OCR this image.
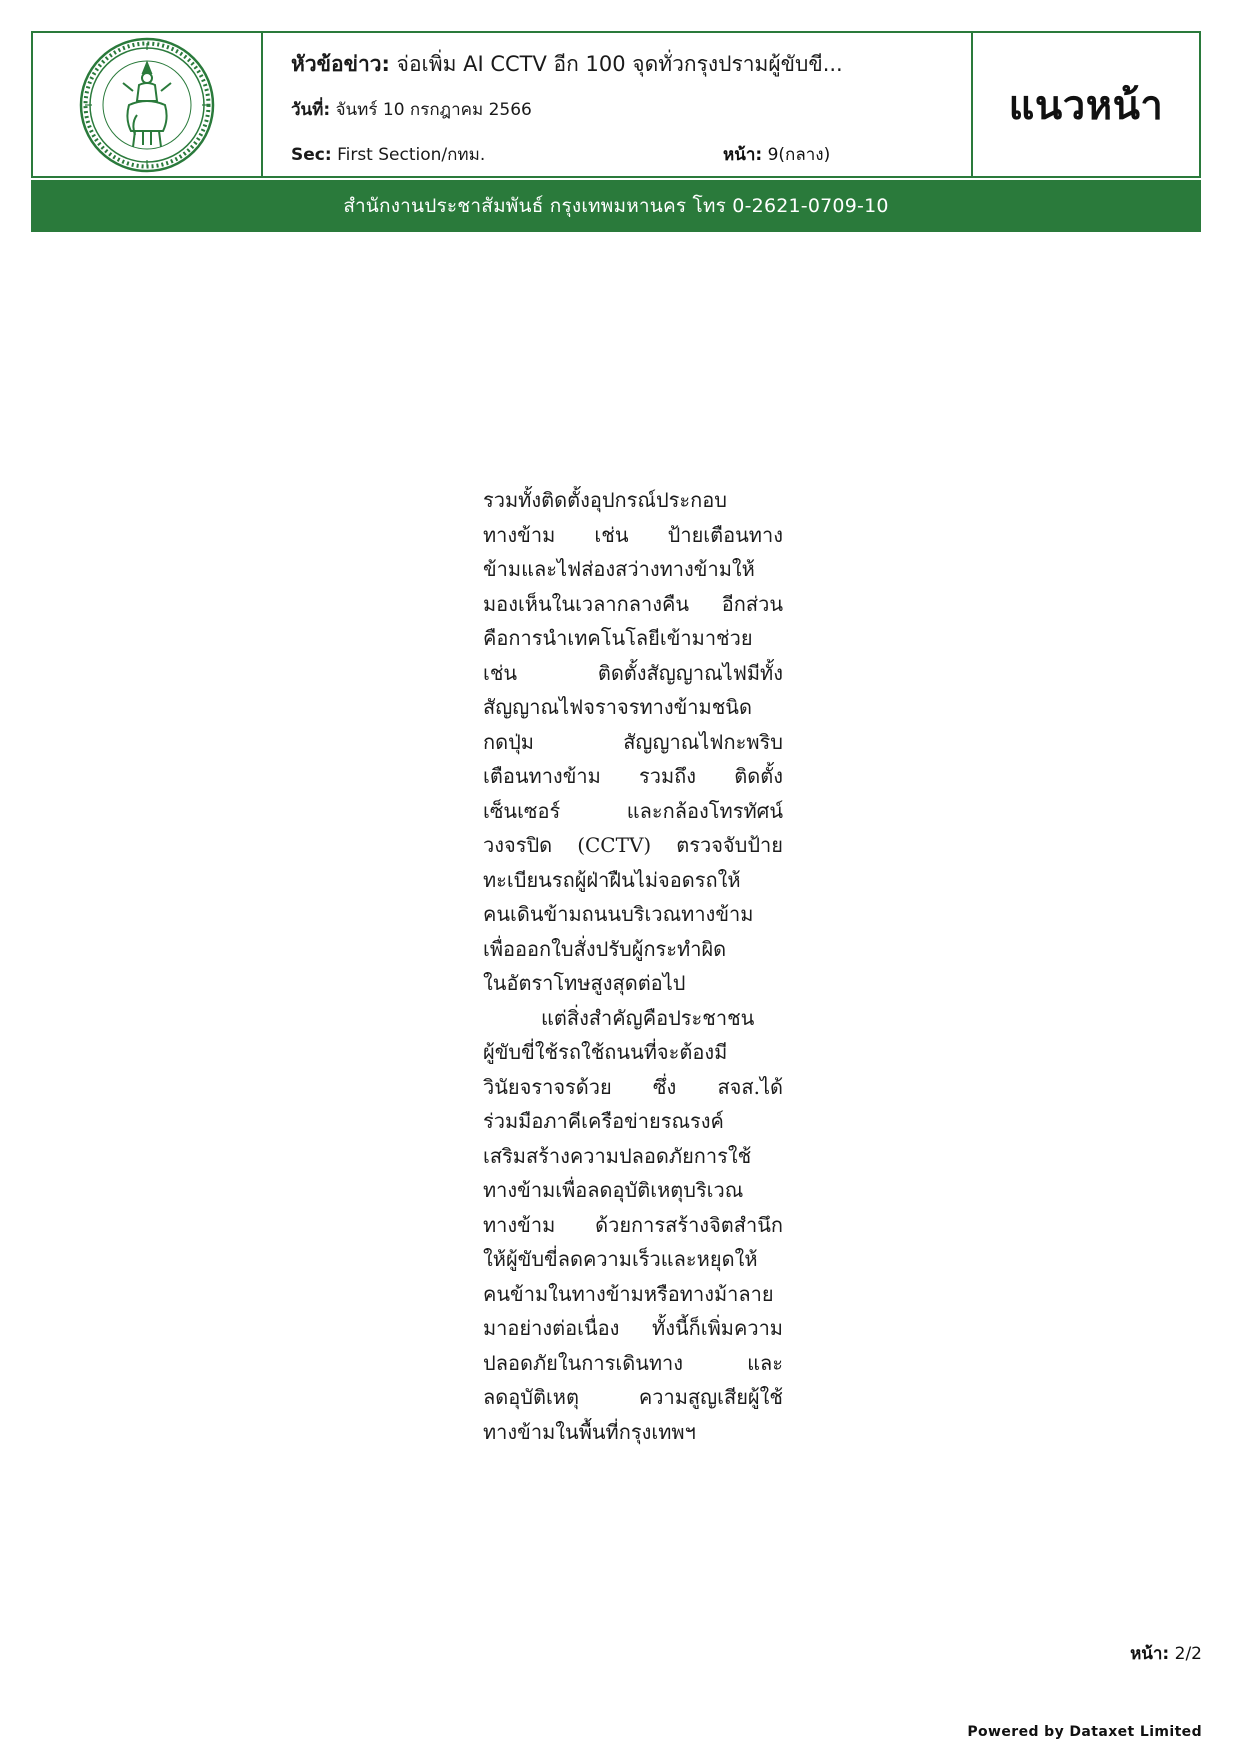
หัวข้อข่าว: จ่อเพิ่ม AI CCTV อีก 100 จุดทั่วกรุงปรามผู้ขับขี...
วันที่: จันทร์ 10 กรกฎาคม 2566
Sec: First Section/กทม.	หน้า: 9(กลาง)
แนวหน้า
สำนักงานประชาสัมพันธ์ กรุงเทพมหานคร โทร 0-2621-0709-10
รวมทั้งติดตั้งอุปกรณ์ประกอบ
ทางข้าม เช่น ป้ายเตือนทาง
ข้ามและไฟส่องสว่างทางข้ามให้
มองเห็นในเวลากลางคืน อีกส่วน
คือการนำเทคโนโลยีเข้ามาช่วย
เช่น ติดตั้งสัญญาณไฟมีทั้ง
สัญญาณไฟจราจรทางข้ามชนิด
กดปุ่ม สัญญาณไฟกะพริบ
เตือนทางข้าม รวมถึง ติดตั้ง
เซ็นเซอร์ และกล้องโทรทัศน์
วงจรปิด (CCTV) ตรวจจับป้าย
ทะเบียนรถผู้ฝ่าฝืนไม่จอดรถให้
คนเดินข้ามถนนบริเวณทางข้าม
เพื่อออกใบสั่งปรับผู้กระทำผิด
ในอัตราโทษสูงสุดต่อไป
แต่สิ่งสำคัญคือประชาชน
ผู้ขับขี่ใช้รถใช้ถนนที่จะต้องมี
วินัยจราจรด้วย ซึ่ง สจส.ได้
ร่วมมือภาคีเครือข่ายรณรงค์
เสริมสร้างความปลอดภัยการใช้
ทางข้ามเพื่อลดอุบัติเหตุบริเวณ
ทางข้าม ด้วยการสร้างจิตสำนึก
ให้ผู้ขับขี่ลดความเร็วและหยุดให้
คนข้ามในทางข้ามหรือทางม้าลาย
มาอย่างต่อเนื่อง ทั้งนี้ก็เพิ่มความ
ปลอดภัยในการเดินทาง และ
ลดอุบัติเหตุ ความสูญเสียผู้ใช้
ทางข้ามในพื้นที่กรุงเทพฯ
หน้า: 2/2
Powered by Dataxet Limited
